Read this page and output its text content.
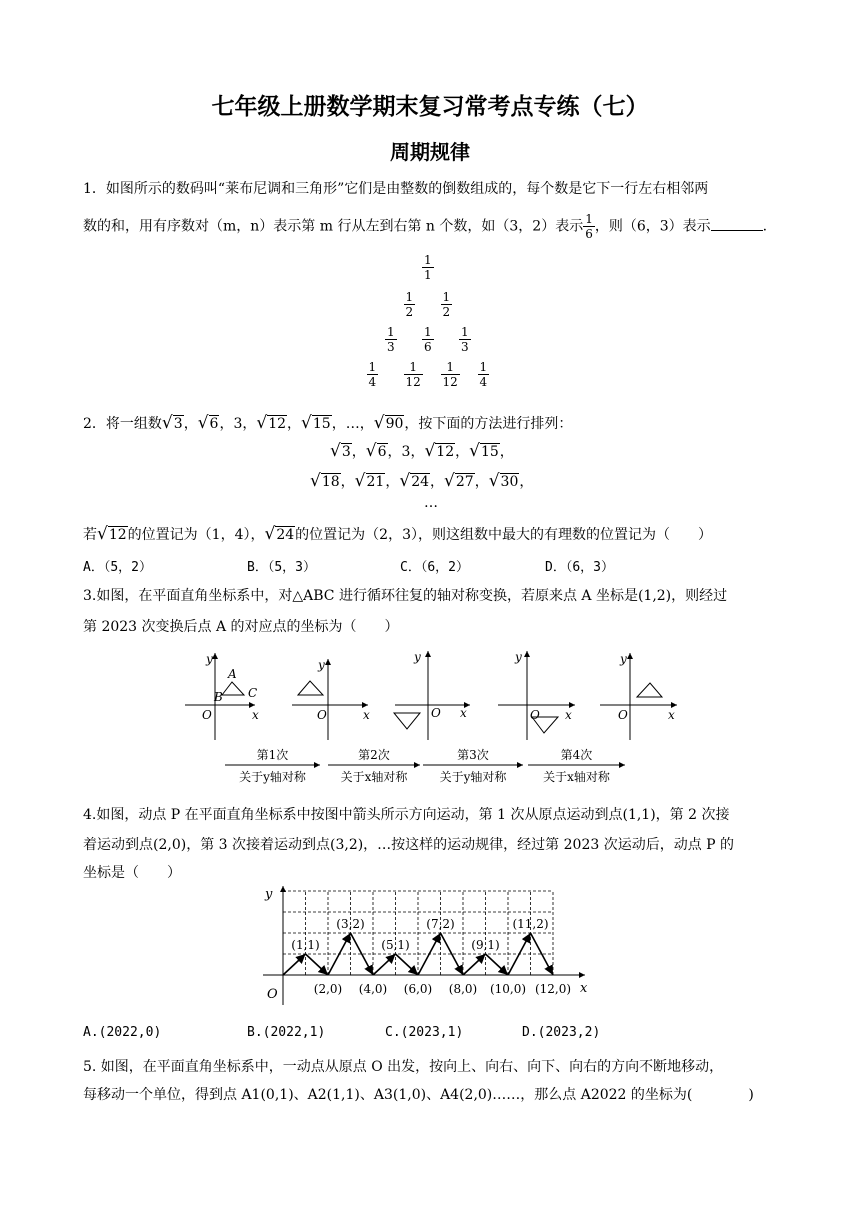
七年级上册数学期末复习常考点专练（七）
周期规律
1．如图所示的数码叫“莱布尼调和三角形”它们是由整数的倒数组成的，每个数是它下一行左右相邻两
数的和，用有序数对（m，n）表示第 m 行从左到右第 n 个数，如（3，2）表示 $\frac{1}{6}$ ，则（6，3）表示	.
$\frac{1}{1}$
$\frac{1}{2} \frac{1}{2}$
$\frac{1}{3} \frac{1}{6} \frac{1}{3}$
$\frac{1}{4} \frac{1}{12} \frac{1}{12} \frac{1}{4}$
2．将一组数√3，√6，3，√12，√15，…，√90，按下面的方法进行排列：
√3，√6，3，√12，√15，
√18，√21，√24，√27，√30，
…
若√12的位置记为（1，4），√24的位置记为（2，3），则这组数中最大的有理数的位置记为（　　）
A．（5，2）	B．（5，3）	C．（6，2）	D．（6，3）
3.如图，在平面直角坐标系中，对△ABC 进行循环往复的轴对称变换，若原来点 A 坐标是(1,2)，则经过
第 2023 次变换后点 A 的对应点的坐标为（　　）
y
x
O
A
B C
y
x
O
y
x
O
y
x
O
y
x
O
第1次
关于y轴对称
第2次
关于x轴对称
第3次
关于y轴对称
第4次
关于x轴对称
4.如图，动点 P 在平面直角坐标系中按图中箭头所示方向运动，第 1 次从原点运动到点(1,1)，第 2 次接
着运动到点(2,0)，第 3 次接着运动到点(3,2)，…按这样的运动规律，经过第 2023 次运动后，动点 P 的
坐标是（　　）
x
y
O
(1,1)
(3,2)
(5,1)
(7,2)
(9,1)
(11,2)
(2,0) (4,0) (6,0) (8,0) (10,0) (12,0)
A.(2022,0)	B.(2022,1)	C.(2023,1)	D.(2023,2)
5. 如图，在平面直角坐标系中，一动点从原点 O 出发，按向上、向右、向下、向右的方向不断地移动，
每移动一个单位，得到点 A1(0,1)、A2(1,1)、A3(1,0)、A4(2,0)……，那么点 A2022 的坐标为(　　　　)
